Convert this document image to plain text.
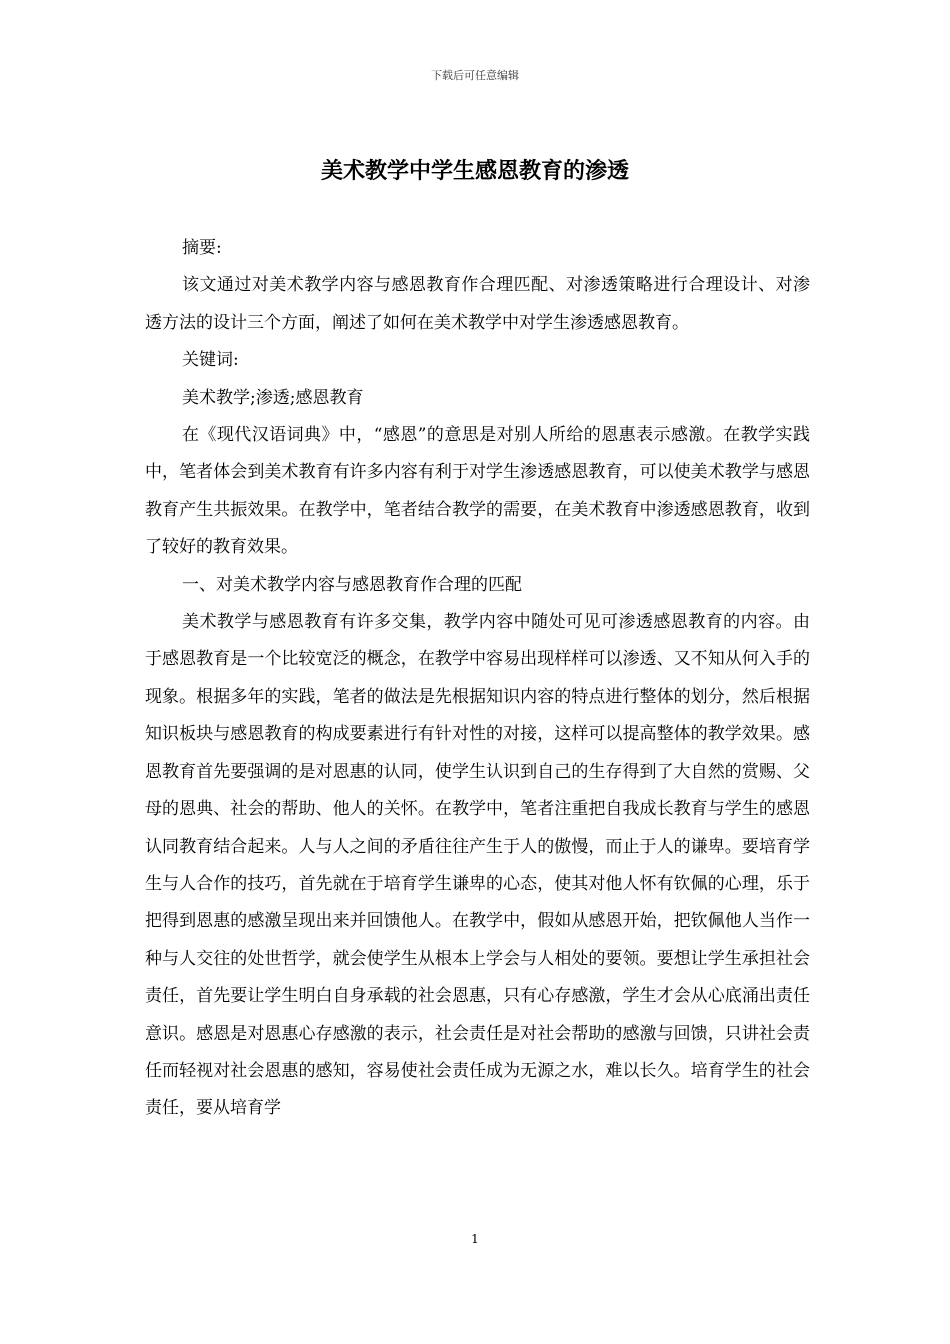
下载后可任意编辑
美术教学中学生感恩教育的渗透

摘要:

该文通过对美术教学内容与感恩教育作合理匹配、对渗透策略进行合理设计、对渗透方法的设计三个方面，阐述了如何在美术教学中对学生渗透感恩教育。

关键词:

美术教学;渗透;感恩教育

在《现代汉语词典》中，“感恩”的意思是对别人所给的恩惠表示感激。在教学实践中，笔者体会到美术教育有许多内容有利于对学生渗透感恩教育，可以使美术教学与感恩教育产生共振效果。在教学中，笔者结合教学的需要，在美术教育中渗透感恩教育，收到了较好的教育效果。

一、对美术教学内容与感恩教育作合理的匹配

美术教学与感恩教育有许多交集，教学内容中随处可见可渗透感恩教育的内容。由于感恩教育是一个比较宽泛的概念，在教学中容易出现样样可以渗透、又不知从何入手的现象。根据多年的实践，笔者的做法是先根据知识内容的特点进行整体的划分，然后根据知识板块与感恩教育的构成要素进行有针对性的对接，这样可以提高整体的教学效果。感恩教育首先要强调的是对恩惠的认同，使学生认识到自己的生存得到了大自然的赏赐、父母的恩典、社会的帮助、他人的关怀。在教学中，笔者注重把自我成长教育与学生的感恩认同教育结合起来。人与人之间的矛盾往往产生于人的傲慢，而止于人的谦卑。要培育学生与人合作的技巧，首先就在于培育学生谦卑的心态，使其对他人怀有钦佩的心理，乐于把得到恩惠的感激呈现出来并回馈他人。在教学中，假如从感恩开始，把钦佩他人当作一种与人交往的处世哲学，就会使学生从根本上学会与人相处的要领。要想让学生承担社会责任，首先要让学生明白自身承载的社会恩惠，只有心存感激，学生才会从心底涌出责任意识。感恩是对恩惠心存感激的表示，社会责任是对社会帮助的感激与回馈，只讲社会责任而轻视对社会恩惠的感知，容易使社会责任成为无源之水，难以长久。培育学生的社会责任，要从培育学

1
